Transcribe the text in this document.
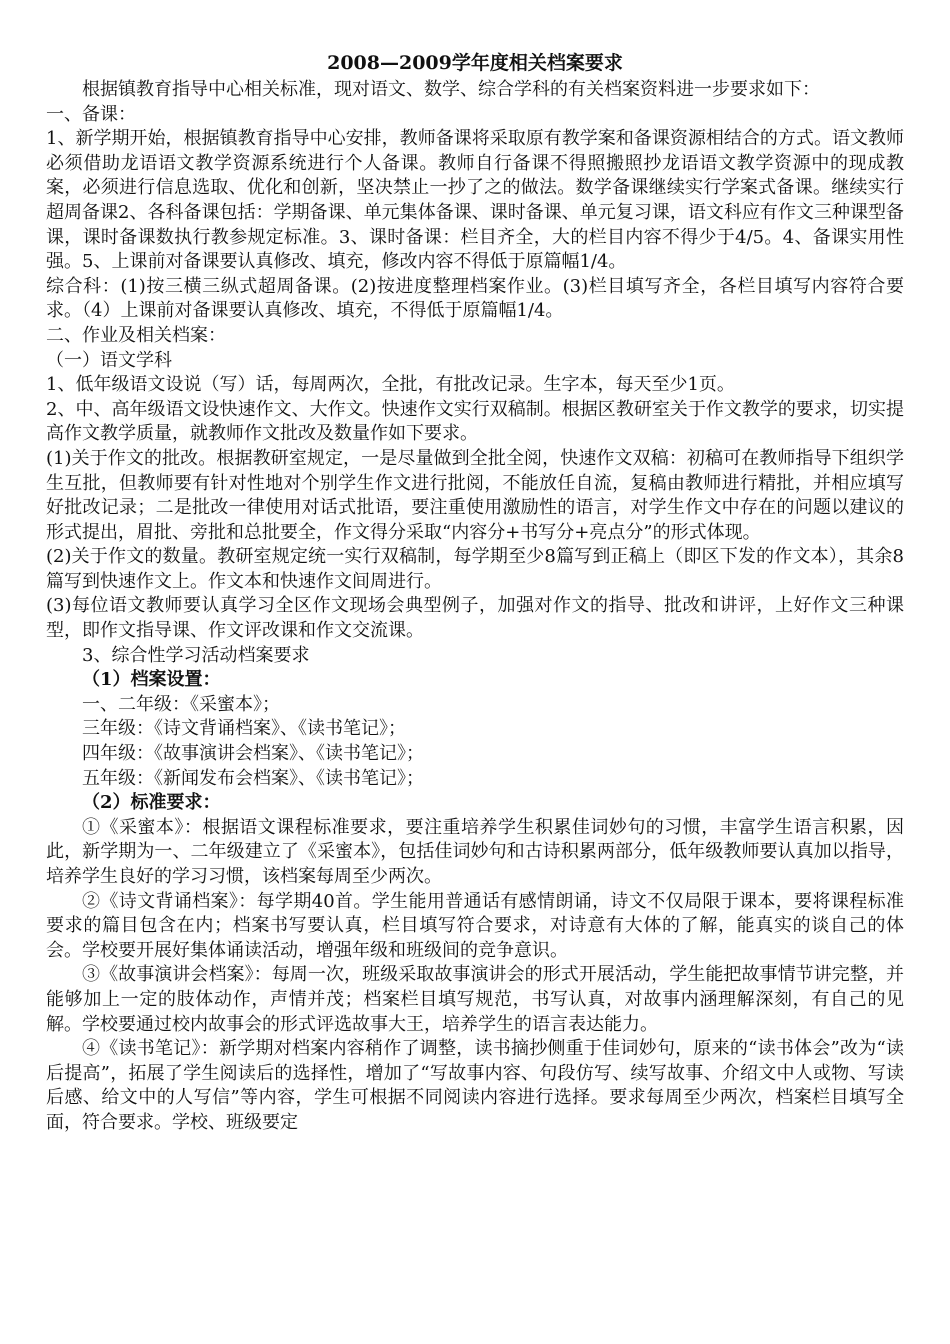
2008—2009学年度相关档案要求

根据镇教育指导中心相关标准，现对语文、数学、综合学科的有关档案资料进一步要求如下：

一、备课：

1、新学期开始，根据镇教育指导中心安排，教师备课将采取原有教学案和备课资源相结合的方式。语文教师必须借助龙语语文教学资源系统进行个人备课。教师自行备课不得照搬照抄龙语语文教学资源中的现成教案，必须进行信息选取、优化和创新，坚决禁止一抄了之的做法。数学备课继续实行学案式备课。继续实行超周备课2、各科备课包括：学期备课、单元集体备课、课时备课、单元复习课，语文科应有作文三种课型备课，课时备课数执行教参规定标准。3、课时备课：栏目齐全，大的栏目内容不得少于4/5。4、备课实用性强。5、上课前对备课要认真修改、填充，修改内容不得低于原篇幅1/4。

综合科：(1)按三横三纵式超周备课。(2)按进度整理档案作业。(3)栏目填写齐全，各栏目填写内容符合要求。（4）上课前对备课要认真修改、填充，不得低于原篇幅1/4。

二、作业及相关档案：

（一）语文学科

1、低年级语文设说（写）话，每周两次，全批，有批改记录。生字本，每天至少1页。

2、中、高年级语文设快速作文、大作文。快速作文实行双稿制。根据区教研室关于作文教学的要求，切实提高作文教学质量，就教师作文批改及数量作如下要求。

(1)关于作文的批改。根据教研室规定，一是尽量做到全批全阅，快速作文双稿：初稿可在教师指导下组织学生互批，但教师要有针对性地对个别学生作文进行批阅，不能放任自流，复稿由教师进行精批，并相应填写好批改记录；二是批改一律使用对话式批语，要注重使用激励性的语言，对学生作文中存在的问题以建议的形式提出，眉批、旁批和总批要全，作文得分采取“内容分+书写分+亮点分”的形式体现。

(2)关于作文的数量。教研室规定统一实行双稿制，每学期至少8篇写到正稿上（即区下发的作文本），其余8篇写到快速作文上。作文本和快速作文间周进行。

(3)每位语文教师要认真学习全区作文现场会典型例子，加强对作文的指导、批改和讲评，上好作文三种课型，即作文指导课、作文评改课和作文交流课。

3、综合性学习活动档案要求

（1）档案设置：

一、二年级：《采蜜本》；

三年级：《诗文背诵档案》、《读书笔记》；

四年级：《故事演讲会档案》、《读书笔记》；

五年级：《新闻发布会档案》、《读书笔记》；

（2）标准要求：

①《采蜜本》：根据语文课程标准要求，要注重培养学生积累佳词妙句的习惯，丰富学生语言积累，因此，新学期为一、二年级建立了《采蜜本》，包括佳词妙句和古诗积累两部分，低年级教师要认真加以指导，培养学生良好的学习习惯，该档案每周至少两次。

②《诗文背诵档案》：每学期40首。学生能用普通话有感情朗诵，诗文不仅局限于课本，要将课程标准要求的篇目包含在内；档案书写要认真，栏目填写符合要求，对诗意有大体的了解，能真实的谈自己的体会。学校要开展好集体诵读活动，增强年级和班级间的竞争意识。

③《故事演讲会档案》：每周一次，班级采取故事演讲会的形式开展活动，学生能把故事情节讲完整，并能够加上一定的肢体动作，声情并茂；档案栏目填写规范，书写认真，对故事内涵理解深刻，有自己的见解。学校要通过校内故事会的形式评选故事大王，培养学生的语言表达能力。

④《读书笔记》：新学期对档案内容稍作了调整，读书摘抄侧重于佳词妙句，原来的“读书体会”改为“读后提高”，拓展了学生阅读后的选择性，增加了“写故事内容、句段仿写、续写故事、介绍文中人或物、写读后感、给文中的人写信”等内容，学生可根据不同阅读内容进行选择。要求每周至少两次，档案栏目填写全面，符合要求。学校、班级要定
